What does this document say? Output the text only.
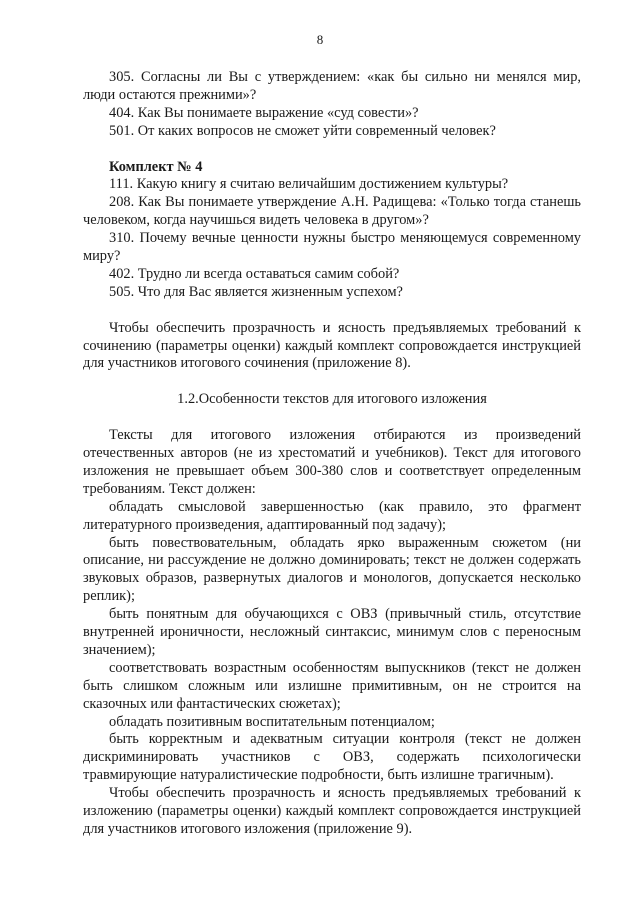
8

305. Согласны ли Вы с утверждением: «как бы сильно ни менялся мир, люди остаются прежними»?

404. Как Вы понимаете выражение «суд совести»?

501. От каких вопросов не сможет уйти современный человек?

Комплект № 4

111. Какую книгу я считаю величайшим достижением культуры?

208. Как Вы понимаете утверждение А.Н. Радищева: «Только тогда станешь человеком, когда научишься видеть человека в другом»?

310. Почему вечные ценности нужны быстро меняющемуся современному миру?

402. Трудно ли всегда оставаться самим собой?

505. Что для Вас является жизненным успехом?

Чтобы обеспечить прозрачность и ясность предъявляемых требований к сочинению (параметры оценки) каждый комплект сопровождается инструкцией для участников итогового сочинения (приложение 8).

1.2.Особенности текстов для итогового изложения

Тексты для итогового изложения отбираются из произведений отечественных авторов (не из хрестоматий и учебников). Текст для итогового изложения не превышает объем 300-380 слов и соответствует определенным требованиям. Текст должен:

обладать смысловой завершенностью (как правило, это фрагмент литературного произведения, адаптированный под задачу);

быть повествовательным, обладать ярко выраженным сюжетом (ни описание, ни рассуждение не должно доминировать; текст не должен содержать звуковых образов, развернутых диалогов и монологов, допускается несколько реплик);

быть понятным для обучающихся с ОВЗ (привычный стиль, отсутствие внутренней ироничности, несложный синтаксис, минимум слов с переносным значением);

соответствовать возрастным особенностям выпускников (текст не должен быть слишком сложным или излишне примитивным, он не строится на сказочных или фантастических сюжетах);

обладать позитивным воспитательным потенциалом;

быть корректным и адекватным ситуации контроля (текст не должен дискриминировать участников с ОВЗ, содержать психологически травмирующие натуралистические подробности, быть излишне трагичным).

Чтобы обеспечить прозрачность и ясность предъявляемых требований к изложению (параметры оценки) каждый комплект сопровождается инструкцией для участников итогового изложения (приложение 9).
